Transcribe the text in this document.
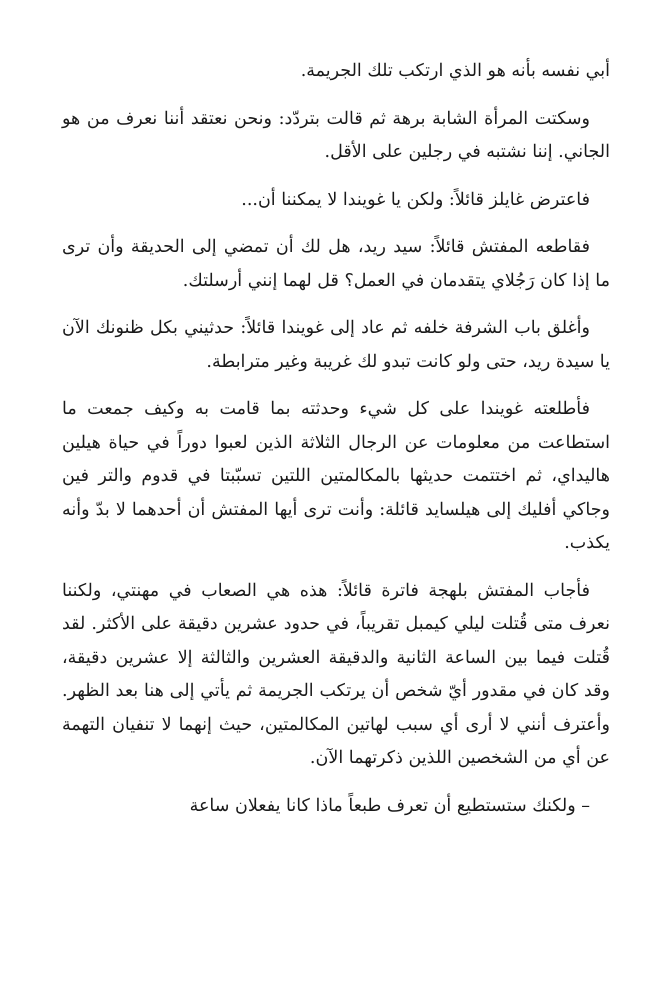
أبي نفسه بأنه هو الذي ارتكب تلك الجريمة.

وسكتت المرأة الشابة برهة ثم قالت بتردّد: ونحن نعتقد أننا نعرف من هو الجاني. إننا نشتبه في رجلين على الأقل.

فاعترض غايلز قائلاً: ولكن يا غويندا لا يمكننا أن...

فقاطعه المفتش قائلاً: سيد ريد، هل لك أن تمضي إلى الحديقة وأن ترى ما إذا كان رَجُلاي يتقدمان في العمل؟ قل لهما إنني أرسلتك.

وأغلق باب الشرفة خلفه ثم عاد إلى غويندا قائلاً: حدثيني بكل ظنونك الآن يا سيدة ريد، حتى ولو كانت تبدو لك غريبة وغير مترابطة.

فأطلعته غويندا على كل شيء وحدثته بما قامت به وكيف جمعت ما استطاعت من معلومات عن الرجال الثلاثة الذين لعبوا دوراً في حياة هيلين هاليداي، ثم اختتمت حديثها بالمكالمتين اللتين تسبّبتا في قدوم والتر فين وجاكي أفليك إلى هيلسايد قائلة: وأنت ترى أيها المفتش أن أحدهما لا بدّ وأنه يكذب.

فأجاب المفتش بلهجة فاترة قائلاً: هذه هي الصعاب في مهنتي، ولكننا نعرف متى قُتلت ليلي كيمبل تقريباً، في حدود عشرين دقيقة على الأكثر. لقد قُتلت فيما بين الساعة الثانية والدقيقة العشرين والثالثة إلا عشرين دقيقة، وقد كان في مقدور أيّ شخص أن يرتكب الجريمة ثم يأتي إلى هنا بعد الظهر. وأعترف أنني لا أرى أي سبب لهاتين المكالمتين، حيث إنهما لا تنفيان التهمة عن أي من الشخصين اللذين ذكرتهما الآن.

– ولكنك ستستطيع أن تعرف طبعاً ماذا كانا يفعلان ساعة
